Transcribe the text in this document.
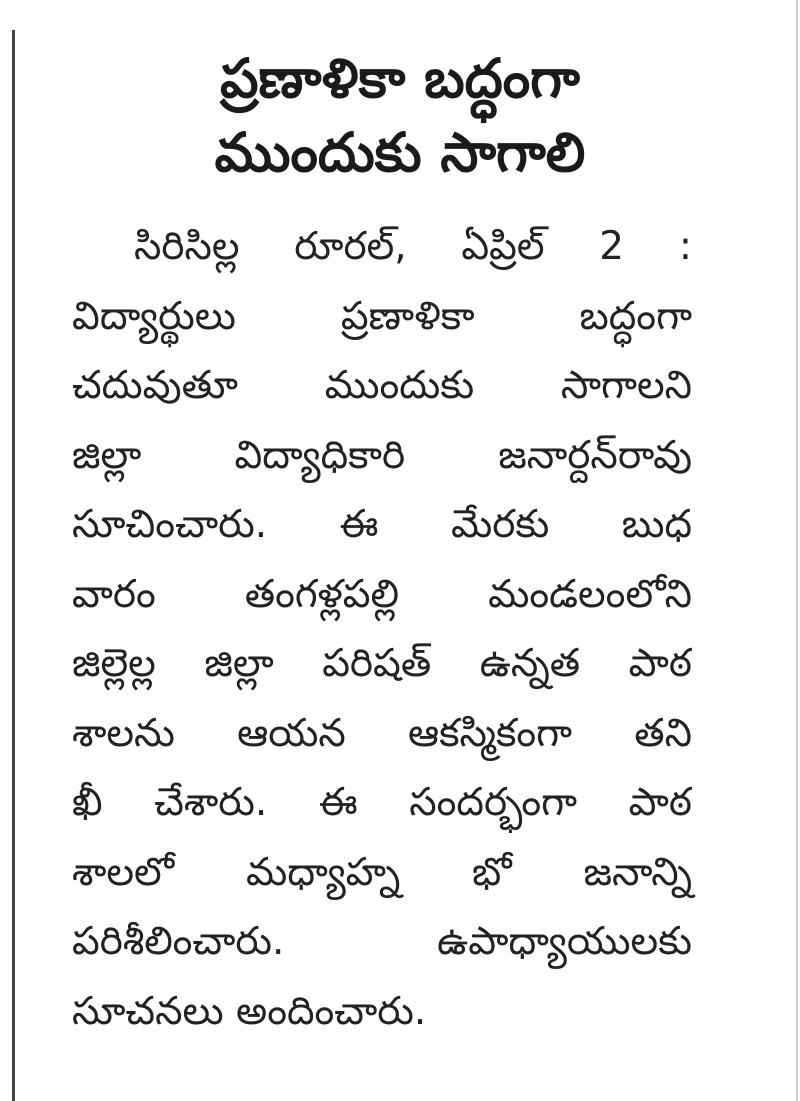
ప్రణాళికా బద్ధంగా
ముందుకు సాగాలి
సిరిసిల్ల రూరల్, ఏప్రిల్ 2 :
విద్యార్థులు ప్రణాళికా బద్ధంగా
చదువుతూ ముందుకు సాగాలని
జిల్లా విద్యాధికారి జనార్దన్‌రావు
సూచించారు. ఈ మేరకు బుధ
వారం తంగళ్లపల్లి మండలంలోని
జిల్లెల్ల జిల్లా పరిషత్ ఉన్నత పాఠ
శాలను ఆయన ఆకస్మికంగా తని
ఖీ చేశారు. ఈ సందర్భంగా పాఠ
శాలలో మధ్యాహ్న భో జనాన్ని
పరిశీలించారు. ఉపాధ్యాయులకు
సూచనలు అందించారు.
